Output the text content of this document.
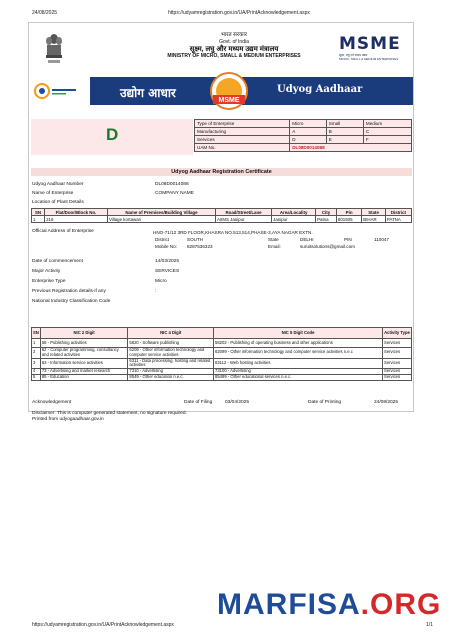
24/08/2025	https://udyamregistration.gov.in/UA/PrintAcknowledgement.aspx
भारत सरकार
Govt. of India
सूक्ष्म, लघु और मध्यम उद्यम मंत्रालय
MINISTRY OF MICRO, SMALL & MEDIUM ENTERPRISES
MSME
सूक्ष्म, लघु एवं मध्यम उद्यम
MICRO, SMALL & MEDIUM ENTERPRISES
उद्योग आधार
MSME
Udyog Aadhaar
D
Type of Enterprise	Micro	Small	Medium
Manufacturing	A	B	C
Services	D	E	F
UAM No.	DL08D0014088		
Udyog Aadhaar Registration Certificate
Udyog Aadhaar Number	DL08D0014088
Name of Enterprise	COMPANY NAME
Location of Plant Details
SN	Flat/Door/Block No.	Name of Premises/Building Village	Road/Street/Lane	Area/Locality	City	Pin	State	District
1	216	Village kortawan	AIIMS Janipur	Janipur	Patna	801505	BIHAR	PATNA
Official Address of Enterprise	HNO-71/12 3RD FLOOR,KHASRA NO.513,514,PHASE-3,AYA NAGAR EXTN.
District	SOUTH	State	DELHI	PIN	110047
Mobile No: 8287536323	Email:	suruitsolutions@gmail.com
Date of commencement	14/03/2025
Major Activity	SERVICES
Enterprise Type	Micro
Previous Registration details-if any	:
National Industry Classification Code
SN	NIC 2 Digit	NIC 4 Digit	NIC 5 Digit Code	Activity Type
1	58 - Publishing activities	5820 - Software publishing	58202 - Publishing of operating business and other applications	Services
2	62 - Computer programming, consultancy and related activities	6209 - Other information technology and computer service activities	62099 - Other information technology and computer service activities n.e.c	Services
3	63 - Information service activities	6311 - Data processing, hosting and related activities	63112 - Web hosting activities	Services
4	73 - Advertising and market research	7310 - Advertising	73100 - Advertising	Services
5	85 - Education	8549 - Other education n.e.c.	85499 - Other educational services n.e.c.	Services
Acknowledgement	Date of Filing	03/04/2025	Date of Printing	24/08/2025
Disclaimer: This is computer generated statement, no signature required.
Printed from udyogaadhaar.gov.in
MARFISA.ORG
https://udyamregistration.gov.in/UA/PrintAcknowledgement.aspx	1/1
